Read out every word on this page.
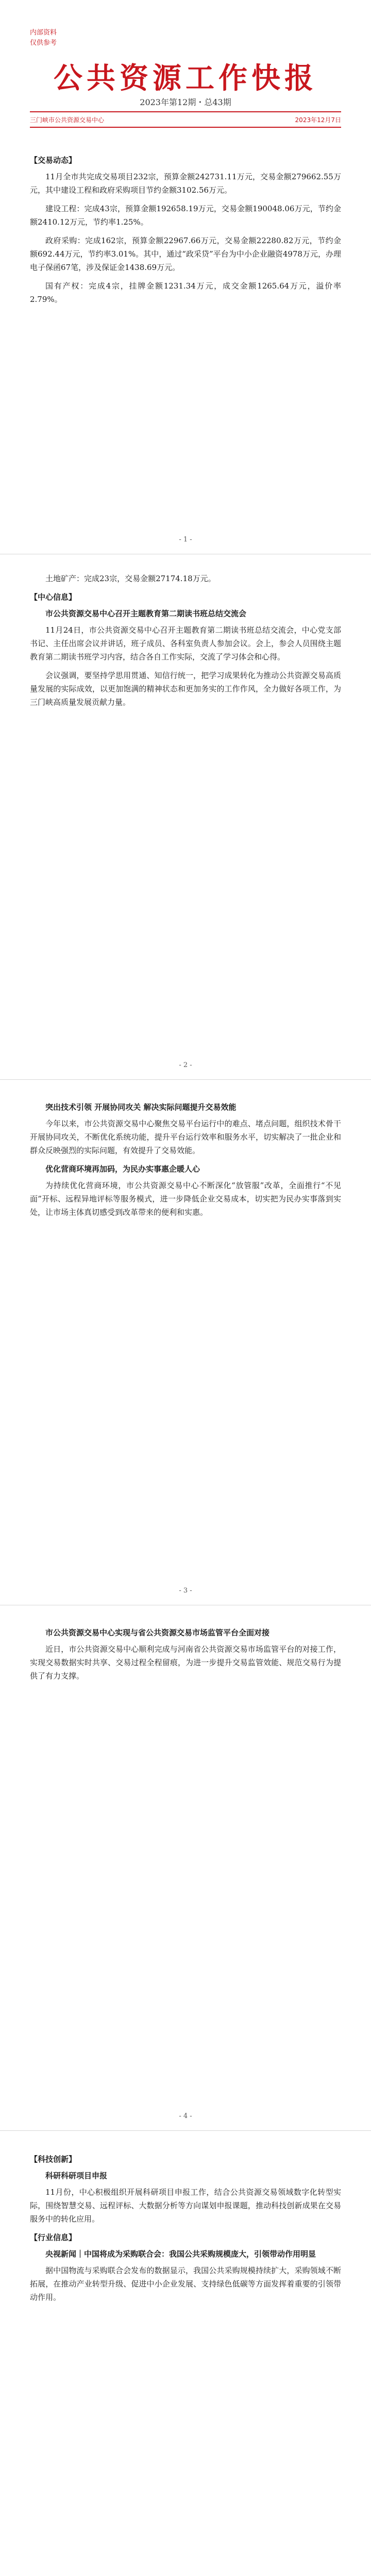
内部资料
仅供参考
公共资源工作快报
2023年第12期・总43期
三门峡市公共资源交易中心	2023年12月7日
【交易动态】

11月全市共完成交易项目232宗，预算金额242731.11万元，交易金额279662.55万元，其中建设工程和政府采购项目节约金额3102.56万元。

建设工程：完成43宗，预算金额192658.19万元，交易金额190048.06万元，节约金额2410.12万元，节约率1.25%。

政府采购：完成162宗，预算金额22967.66万元，交易金额22280.82万元，节约金额692.44万元，节约率3.01%。其中，通过“政采贷”平台为中小企业融资4978万元，办理电子保函67笔，涉及保证金1438.69万元。

国有产权：完成4宗，挂牌金额1231.34万元，成交金额1265.64万元，溢价率2.79%。

- 1 -

土地矿产：完成23宗，交易金额27174.18万元。

【中心信息】
市公共资源交易中心召开主题教育第二期读书班总结交流会

11月24日，市公共资源交易中心召开主题教育第二期读书班总结交流会，中心党支部书记、主任出席会议并讲话，班子成员、各科室负责人参加会议。会上，参会人员围绕主题教育第二期读书班学习内容，结合各自工作实际，交流了学习体会和心得。

会议强调，要坚持学思用贯通、知信行统一，把学习成果转化为推动公共资源交易高质量发展的实际成效，以更加饱满的精神状态和更加务实的工作作风，全力做好各项工作，为三门峡高质量发展贡献力量。

- 2 -
突出技术引领 开展协同攻关 解决实际问题提升交易效能

今年以来，市公共资源交易中心聚焦交易平台运行中的难点、堵点问题，组织技术骨干开展协同攻关，不断优化系统功能，提升平台运行效率和服务水平，切实解决了一批企业和群众反映强烈的实际问题，有效提升了交易效能。

优化营商环境再加码，为民办实事惠企暖人心

为持续优化营商环境，市公共资源交易中心不断深化“放管服”改革，全面推行“不见面”开标、远程异地评标等服务模式，进一步降低企业交易成本，切实把为民办实事落到实处，让市场主体真切感受到改革带来的便利和实惠。

- 3 -
市公共资源交易中心实现与省公共资源交易市场监管平台全面对接

近日，市公共资源交易中心顺利完成与河南省公共资源交易市场监管平台的对接工作，实现交易数据实时共享、交易过程全程留痕，为进一步提升交易监管效能、规范交易行为提供了有力支撑。

- 4 -
【科技创新】
科研科研项目申报

11月份，中心积极组织开展科研项目申报工作，结合公共资源交易领域数字化转型实际，围绕智慧交易、远程评标、大数据分析等方向谋划申报课题，推动科技创新成果在交易服务中的转化应用。

【行业信息】
央视新闻｜中国将成为采购联合会：我国公共采购规模庞大，引领带动作用明显

据中国物流与采购联合会发布的数据显示，我国公共采购规模持续扩大，采购领域不断拓展，在推动产业转型升级、促进中小企业发展、支持绿色低碳等方面发挥着重要的引领带动作用。
